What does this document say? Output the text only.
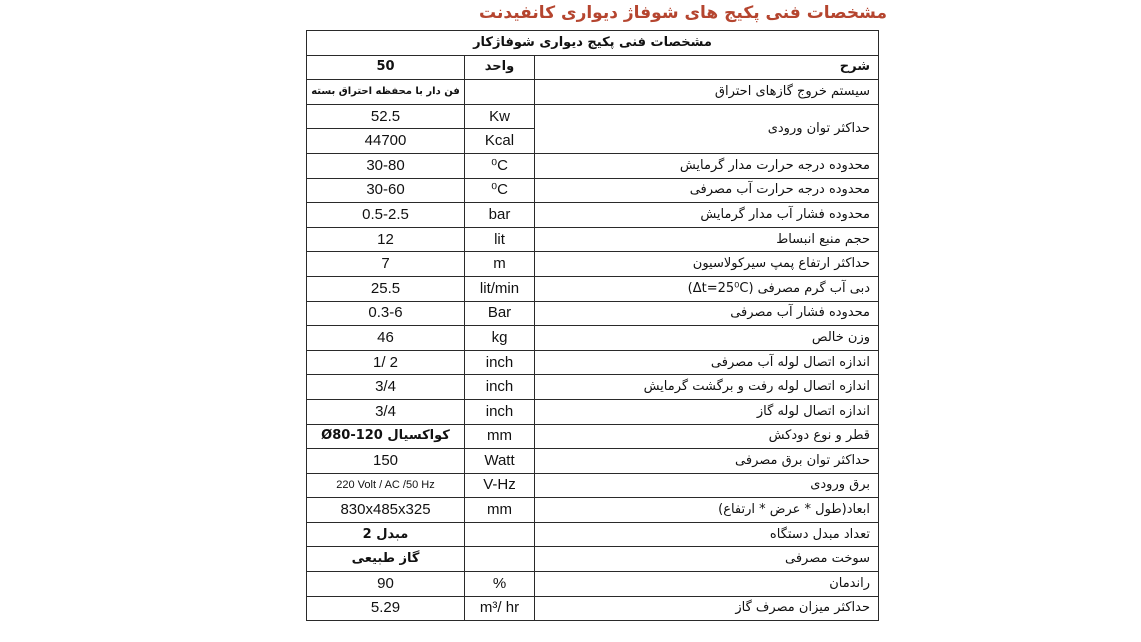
مشخصات فنی پکیج های شوفاژ دیواری کانفیدنت
مشخصات فنی پکیج دیواری شوفاژکار		
50	واحد	شرح
فن دار با محفظه احتراق بسته		سیستم خروج گازهای احتراق
52.5	Kw	حداکثر توان ورودی
44700	Kcal	
30-80	⁰C	محدوده درجه حرارت مدار گرمایش
30-60	⁰C	محدوده درجه حرارت آب مصرفی
0.5-2.5	bar	محدوده فشار آب مدار گرمایش
12	lit	حجم منبع انبساط
7	m	حداکثر ارتفاع پمپ سیرکولاسیون
25.5	lit/min	دبی آب گرم مصرفی (Δt=25⁰C)
0.3-6	Bar	محدوده فشار آب مصرفی
46	kg	وزن خالص
1/ 2	inch	اندازه اتصال لوله آب مصرفی
3/4	inch	اندازه اتصال لوله رفت و برگشت گرمایش
3/4	inch	اندازه اتصال لوله گاز
Ø80-120 کواکسیال	mm	قطر و نوع دودکش
150	Watt	حداکثر توان برق مصرفی
220 Volt / AC /50 Hz	V-Hz	برق ورودی
830x485x325	mm	ابعاد(طول * عرض * ارتفاع)
2 مبدل		تعداد مبدل دستگاه
گاز طبیعی		سوخت مصرفی
90	%	راندمان
5.29	m³/ hr	حداکثر میزان مصرف گاز
